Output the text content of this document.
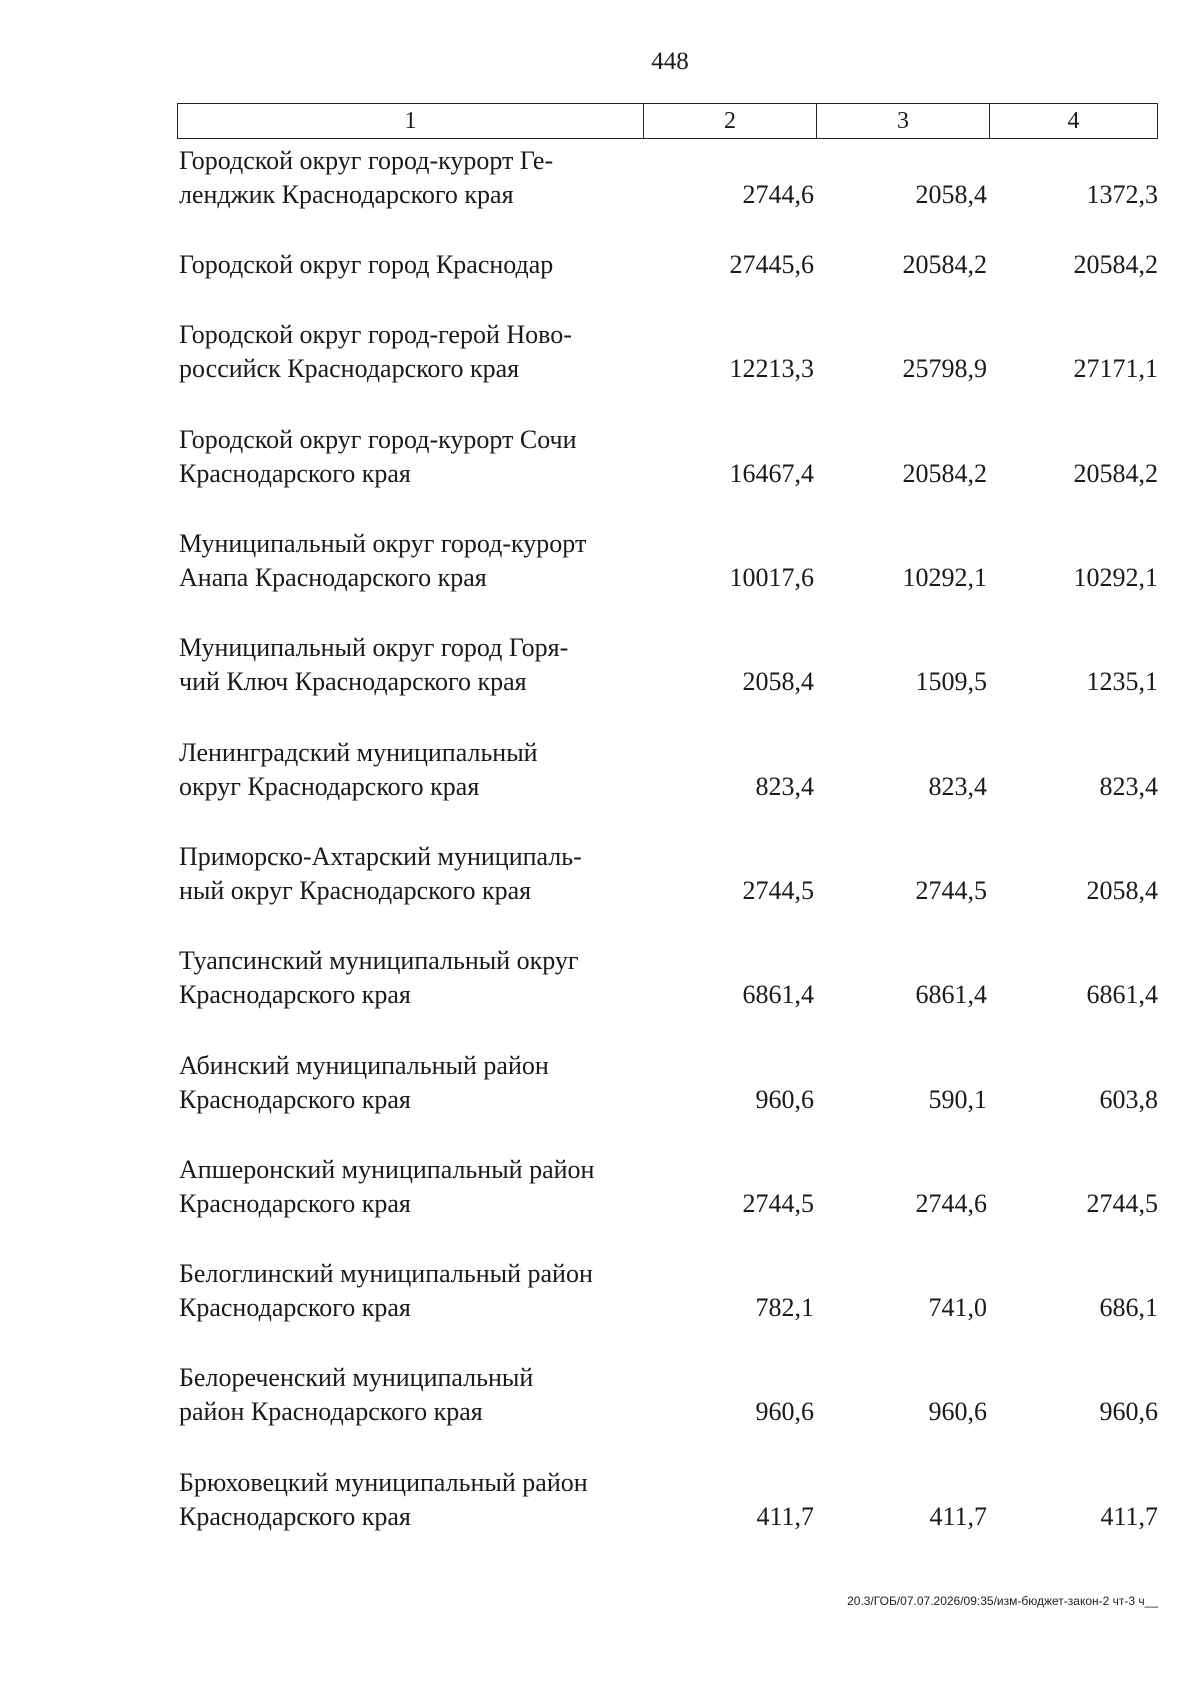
448
1	2	3	4
Городской округ город-курорт Ге-
ленджик Краснодарского края	2744,6	2058,4	1372,3

Городской округ город Краснодар	27445,6	20584,2	20584,2
Городской округ город-герой Ново-
российск Краснодарского края	12213,3	25798,9	27171,1
Городской округ город-курорт Сочи
Краснодарского края	16467,4	20584,2	20584,2
Муниципальный округ город-курорт
Анапа Краснодарского края	10017,6	10292,1	10292,1
Муниципальный округ город Горя-
чий Ключ Краснодарского края	2058,4	1509,5	1235,1
Ленинградский муниципальный
округ Краснодарского края	823,4	823,4	823,4
Приморско-Ахтарский муниципаль-
ный округ Краснодарского края	2744,5	2744,5	2058,4
Туапсинский муниципальный округ
Краснодарского края	6861,4	6861,4	6861,4
Абинский муниципальный район
Краснодарского края	960,6	590,1	603,8
Апшеронский муниципальный район
Краснодарского края	2744,5	2744,6	2744,5
Белоглинский муниципальный район
Краснодарского края	782,1	741,0	686,1
Белореченский муниципальный
район Краснодарского края	960,6	960,6	960,6
Брюховецкий муниципальный район
Краснодарского края	411,7	411,7	411,7
20.3/ГОБ/07.07.2026/09:35/изм-бюджет-закон-2 чт-3 ч__
